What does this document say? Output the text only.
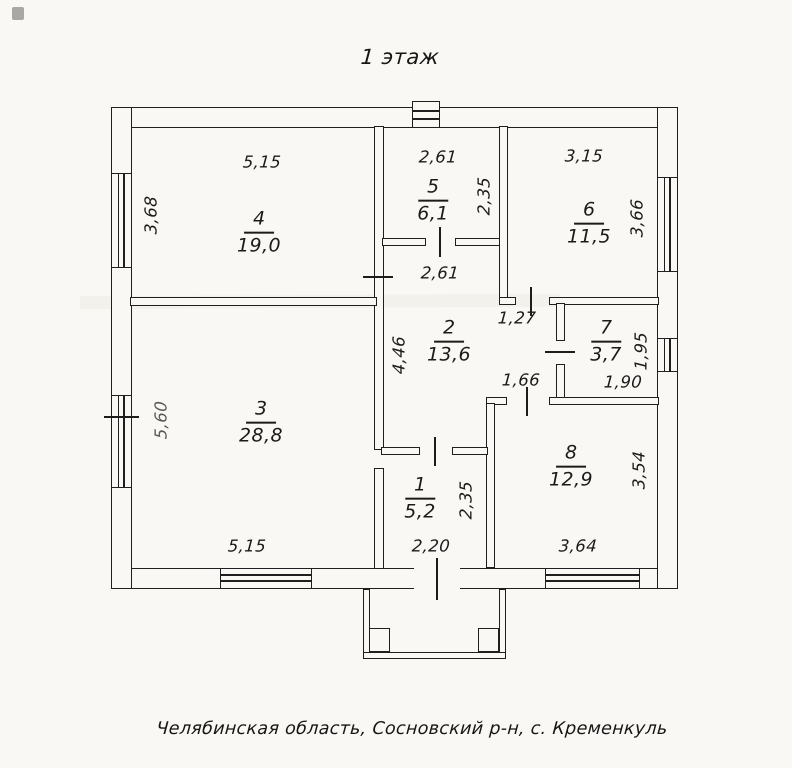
1 этаж
5,15
3,68
2,61
2,35
3,15
3,66
2,61
4,46
1,27
1,66
1,95
1,90
5,60
5,15
2,35
2,20
3,54
3,64
4
19,0
5
6,1	6
11,5
2
13,6
7
3,7
3
28,8
1
5,2
8
12,9
Челябинская область, Сосновский р-н, с. Кременкуль
